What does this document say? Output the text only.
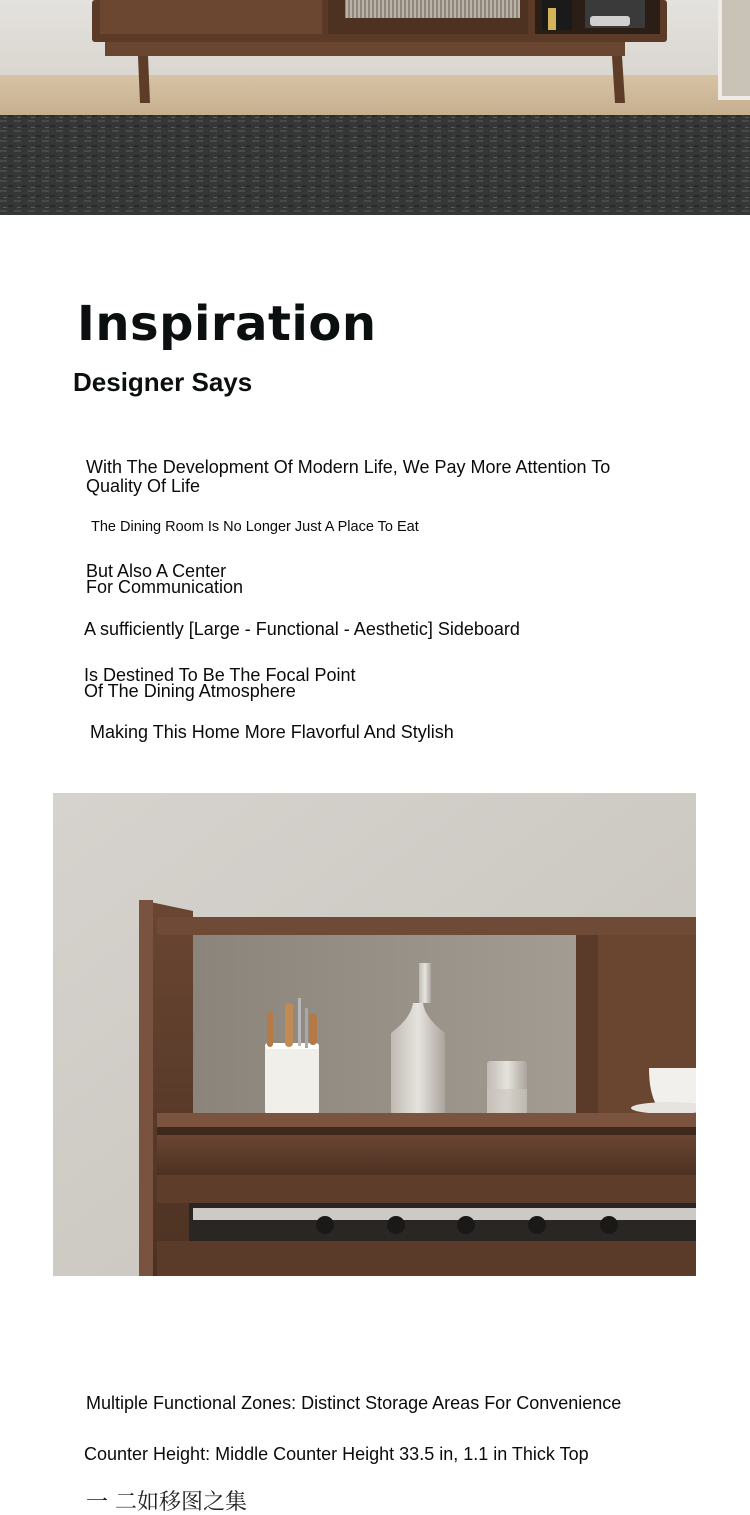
Inspiration
Designer Says
With The Development Of Modern Life, We Pay More Attention To
Quality Of Life
The Dining Room Is No Longer Just A Place To Eat
But Also A Center
For Communication
A sufficiently [Large - Functional - Aesthetic] Sideboard
Is Destined To Be The Focal Point
Of The Dining Atmosphere
Making This Home More Flavorful And Stylish
Multiple Functional Zones: Distinct Storage Areas For Convenience
Counter Height: Middle Counter Height 33.5 in, 1.1 in Thick Top
一 二如移图之集
